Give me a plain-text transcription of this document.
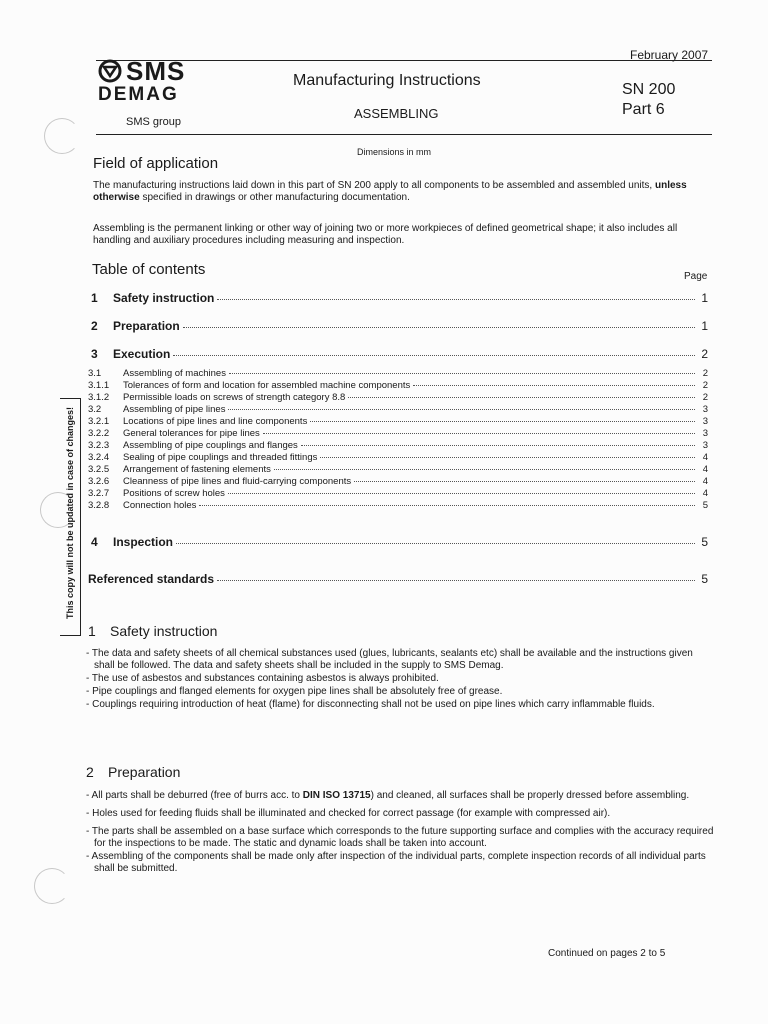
February 2007
SMS
DEMAG
SMS group
Manufacturing Instructions
ASSEMBLING
SN 200
Part 6
Dimensions in mm
Field of application
The manufacturing instructions laid down in this part of SN 200 apply to all components to be assembled and assembled units, unless otherwise specified in drawings or other manufacturing documentation.
Assembling is the permanent linking or other way of joining two or more workpieces of defined geometrical shape; it also includes all handling and auxiliary procedures including measuring and inspection.
Table of contents	Page
1	Safety instruction	1
2	Preparation	1
3	Execution	2
3.1	Assembling of machines	2
3.1.1	Tolerances of form and location for assembled machine components	2
3.1.2	Permissible loads on screws of strength category 8.8	2
3.2	Assembling of pipe lines	3
3.2.1	Locations of pipe lines and line components	3
3.2.2	General tolerances for pipe lines	3
3.2.3	Assembling of pipe couplings and flanges	3
3.2.4	Sealing of pipe couplings and threaded fittings	4
3.2.5	Arrangement of fastening elements	4
3.2.6	Cleanness of pipe lines and fluid-carrying components	4
3.2.7	Positions of screw holes	4
3.2.8	Connection holes	5
4	Inspection	5
Referenced standards	5
This copy will not be updated in case of changes!
1 Safety instruction
- The data and safety sheets of all chemical substances used (glues, lubricants, sealants etc) shall be available and the instructions given shall be followed. The data and safety sheets shall be included in the supply to SMS Demag.
- The use of asbestos and substances containing asbestos is always prohibited.
- Pipe couplings and flanged elements for oxygen pipe lines shall be absolutely free of grease.
- Couplings requiring introduction of heat (flame) for disconnecting shall not be used on pipe lines which carry inflammable fluids.
2 Preparation
- All parts shall be deburred (free of burrs acc. to DIN ISO 13715) and cleaned, all surfaces shall be properly dressed before assembling.
- Holes used for feeding fluids shall be illuminated and checked for correct passage (for example with compressed air).
- The parts shall be assembled on a base surface which corresponds to the future supporting surface and complies with the accuracy required for the inspections to be made. The static and dynamic loads shall be taken into account.
- Assembling of the components shall be made only after inspection of the individual parts, complete inspection records of all individual parts shall be submitted.
Continued on pages 2 to 5
